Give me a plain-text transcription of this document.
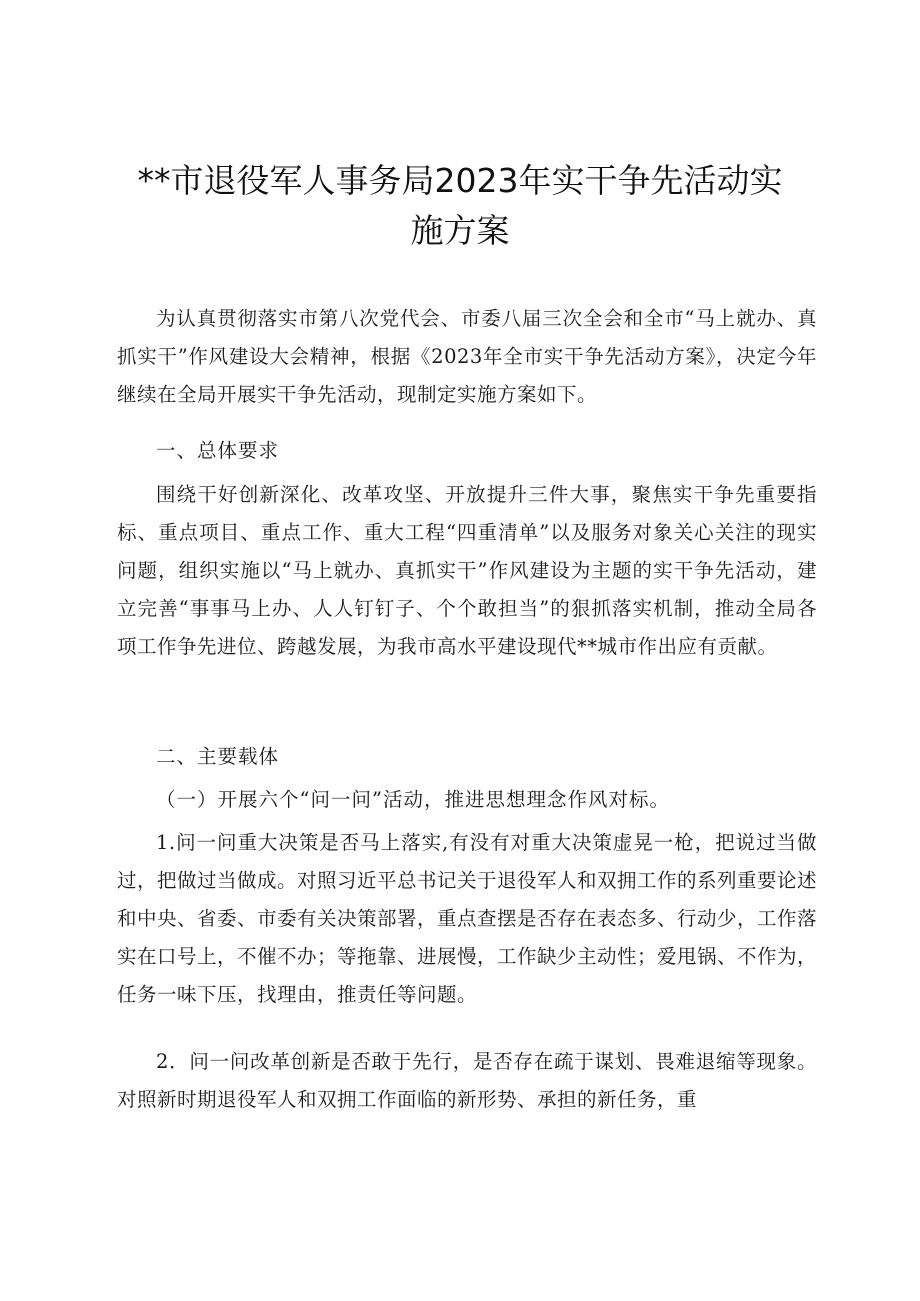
**市退役军人事务局2023年实干争先活动实
施方案

为认真贯彻落实市第八次党代会、市委八届三次全会和全市“马上就办、真抓实干”作风建设大会精神，根据《2023年全市实干争先活动方案》，决定今年继续在全局开展实干争先活动，现制定实施方案如下。

一、总体要求

围绕干好创新深化、改革攻坚、开放提升三件大事，聚焦实干争先重要指标、重点项目、重点工作、重大工程“四重清单”以及服务对象关心关注的现实问题，组织实施以“马上就办、真抓实干”作风建设为主题的实干争先活动，建立完善“事事马上办、人人钉钉子、个个敢担当”的狠抓落实机制，推动全局各项工作争先进位、跨越发展，为我市高水平建设现代**城市作出应有贡献。

二、主要载体

（一）开展六个“问一问”活动，推进思想理念作风对标。

1.问一问重大决策是否马上落实,有没有对重大决策虚晃一枪，把说过当做过，把做过当做成。对照习近平总书记关于退役军人和双拥工作的系列重要论述和中央、省委、市委有关决策部署，重点查摆是否存在表态多、行动少，工作落实在口号上，不催不办；等拖靠、进展慢，工作缺少主动性；爱甩锅、不作为，任务一味下压，找理由，推责任等问题。

2．问一问改革创新是否敢于先行，是否存在疏于谋划、畏难退缩等现象。对照新时期退役军人和双拥工作面临的新形势、承担的新任务，重
